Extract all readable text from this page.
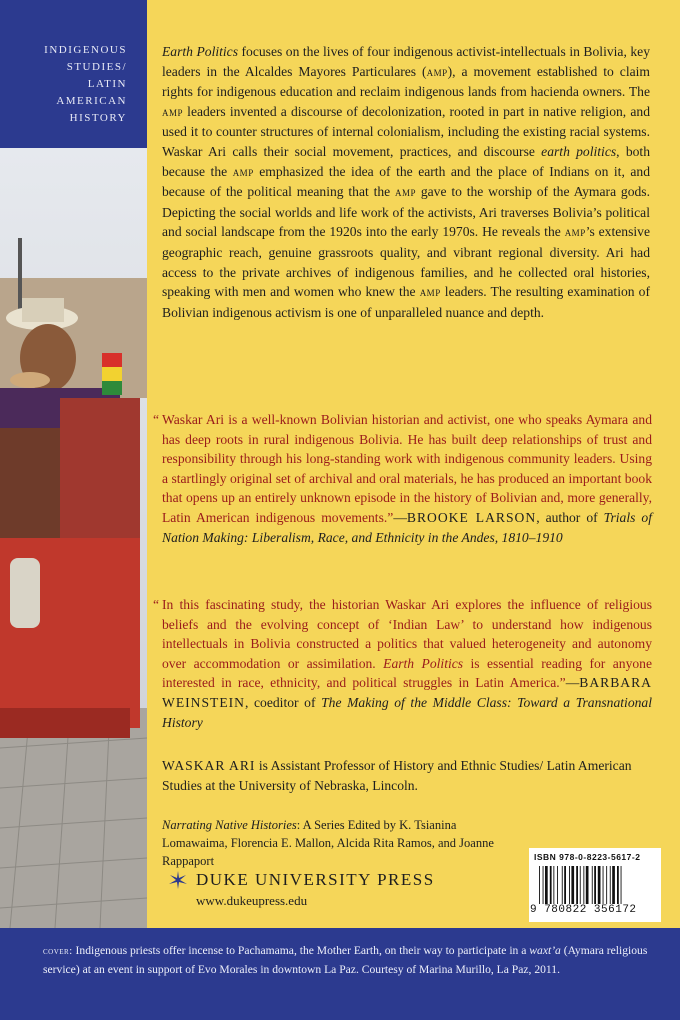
INDIGENOUS
STUDIES/
LATIN
AMERICAN
HISTORY

Earth Politics focuses on the lives of four indigenous activist-intellectuals in Bolivia, key leaders in the Alcaldes Mayores Particulares (amp), a movement established to claim rights for indigenous education and reclaim indigenous lands from hacienda owners. The amp leaders invented a discourse of decolonization, rooted in part in native religion, and used it to counter structures of internal colonialism, including the existing racial systems. Waskar Ari calls their social movement, practices, and discourse earth politics, both because the amp emphasized the idea of the earth and the place of Indians on it, and because of the political meaning that the amp gave to the worship of the Aymara gods. Depicting the social worlds and life work of the activists, Ari traverses Bolivia’s political and social landscape from the 1920s into the early 1970s. He reveals the amp’s extensive geographic reach, genuine grassroots quality, and vibrant regional diversity. Ari had access to the private archives of indigenous families, and he collected oral histories, speaking with men and women who knew the amp leaders. The resulting examination of Bolivian indigenous activism is one of unparalleled nuance and depth.

“ Waskar Ari is a well-known Bolivian historian and activist, one who speaks Aymara and has deep roots in rural indigenous Bolivia. He has built deep relationships of trust and responsibility through his long-standing work with indigenous community leaders. Using a startlingly original set of archival and oral materials, he has produced an important book that opens up an entirely unknown episode in the history of Bolivian and, more generally, Latin American indigenous movements.”—BROOKE LARSON, author of Trials of Nation Making: Liberalism, Race, and Ethnicity in the Andes, 1810–1910
“ In this fascinating study, the historian Waskar Ari explores the influence of religious beliefs and the evolving concept of ‘Indian Law’ to understand how indigenous intellectuals in Bolivia constructed a politics that valued heterogeneity and autonomy over accommodation or assimilation. Earth Politics is essential reading for anyone interested in race, ethnicity, and political struggles in Latin America.”—BARBARA WEINSTEIN, coeditor of The Making of the Middle Class: Toward a Transnational History
WASKAR ARI is Assistant Professor of History and Ethnic Studies/ Latin American Studies at the University of Nebraska, Lincoln.
Narrating Native Histories: A Series Edited by K. Tsianina Lomawaima, Florencia E. Mallon, Alcida Rita Ramos, and Joanne Rappaport
DUKE UNIVERSITY PRESS
www.dukeupress.edu
ISBN 978-0-8223-5617-2
9 780822 356172
cover: Indigenous priests offer incense to Pachamama, the Mother Earth, on their way to participate in a waxt’a (Aymara religious service) at an event in support of Evo Morales in downtown La Paz. Courtesy of Marina Murillo, La Paz, 2011.
